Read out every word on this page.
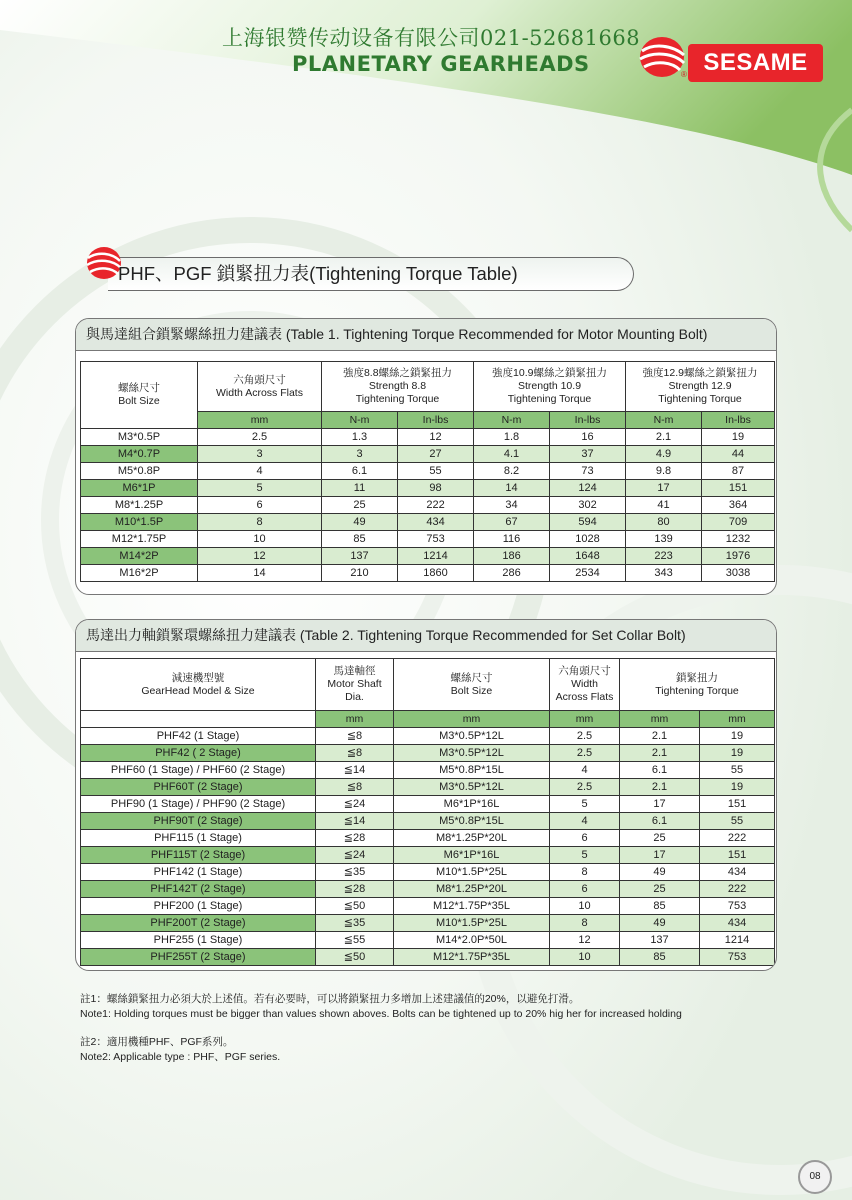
上海银赞传动设备有限公司021-52681668
PLANETARY GEARHEADS	SESAME
®
PHF、PGF 鎖緊扭力表(Tightening Torque Table)
與馬達組合鎖緊螺絲扭力建議表 (Table 1. Tightening Torque Recommended for Motor Mounting Bolt)
螺絲尺寸
Bolt Size	六角頭尺寸
Width Across Flats	強度8.8螺絲之鎖緊扭力
Strength 8.8
Tightening Torque		強度10.9螺絲之鎖緊扭力
Strength 10.9
Tightening Torque		強度12.9螺絲之鎖緊扭力
Strength 12.9
Tightening Torque	
	mm	N-m	In-lbs	N-m	In-lbs	N-m	In-lbs
M3*0.5P	2.5	1.3	12	1.8	16	2.1	19
M4*0.7P	3	3	27	4.1	37	4.9	44
M5*0.8P	4	6.1	55	8.2	73	9.8	87
M6*1P	5	11	98	14	124	17	151
M8*1.25P	6	25	222	34	302	41	364
M10*1.5P	8	49	434	67	594	80	709
M12*1.75P	10	85	753	116	1028	139	1232
M14*2P	12	137	1214	186	1648	223	1976
M16*2P	14	210	1860	286	2534	343	3038
馬達出力軸鎖緊環螺絲扭力建議表 (Table 2. Tightening Torque Recommended for Set Collar Bolt)
減速機型號
GearHead Model & Size	馬達軸徑
Motor Shaft
Dia.	螺絲尺寸
Bolt Size	六角頭尺寸
Width
Across Flats	鎖緊扭力
Tightening Torque	
	mm	mm	mm	mm	mm
PHF42 (1 Stage)	≦8	M3*0.5P*12L	2.5	2.1	19
PHF42 ( 2 Stage)	≦8	M3*0.5P*12L	2.5	2.1	19
PHF60 (1 Stage) / PHF60 (2 Stage)	≦14	M5*0.8P*15L	4	6.1	55
PHF60T (2 Stage)	≦8	M3*0.5P*12L	2.5	2.1	19
PHF90 (1 Stage) / PHF90 (2 Stage)	≦24	M6*1P*16L	5	17	151
PHF90T (2 Stage)	≦14	M5*0.8P*15L	4	6.1	55
PHF115 (1 Stage)	≦28	M8*1.25P*20L	6	25	222
PHF115T (2 Stage)	≦24	M6*1P*16L	5	17	151
PHF142 (1 Stage)	≦35	M10*1.5P*25L	8	49	434
PHF142T (2 Stage)	≦28	M8*1.25P*20L	6	25	222
PHF200 (1 Stage)	≦50	M12*1.75P*35L	10	85	753
PHF200T (2 Stage)	≦35	M10*1.5P*25L	8	49	434
PHF255 (1 Stage)	≦55	M14*2.0P*50L	12	137	1214
PHF255T (2 Stage)	≦50	M12*1.75P*35L	10	85	753
註1：螺絲鎖緊扭力必須大於上述值。若有必要時，可以將鎖緊扭力多增加上述建議值的20%，以避免打滑。
Note1: Holding torques must be bigger than values shown aboves. Bolts can be tightened up to 20% hig her for increased holding
註2：適用機種PHF、PGF系列。
Note2: Applicable type : PHF、PGF series.
08
